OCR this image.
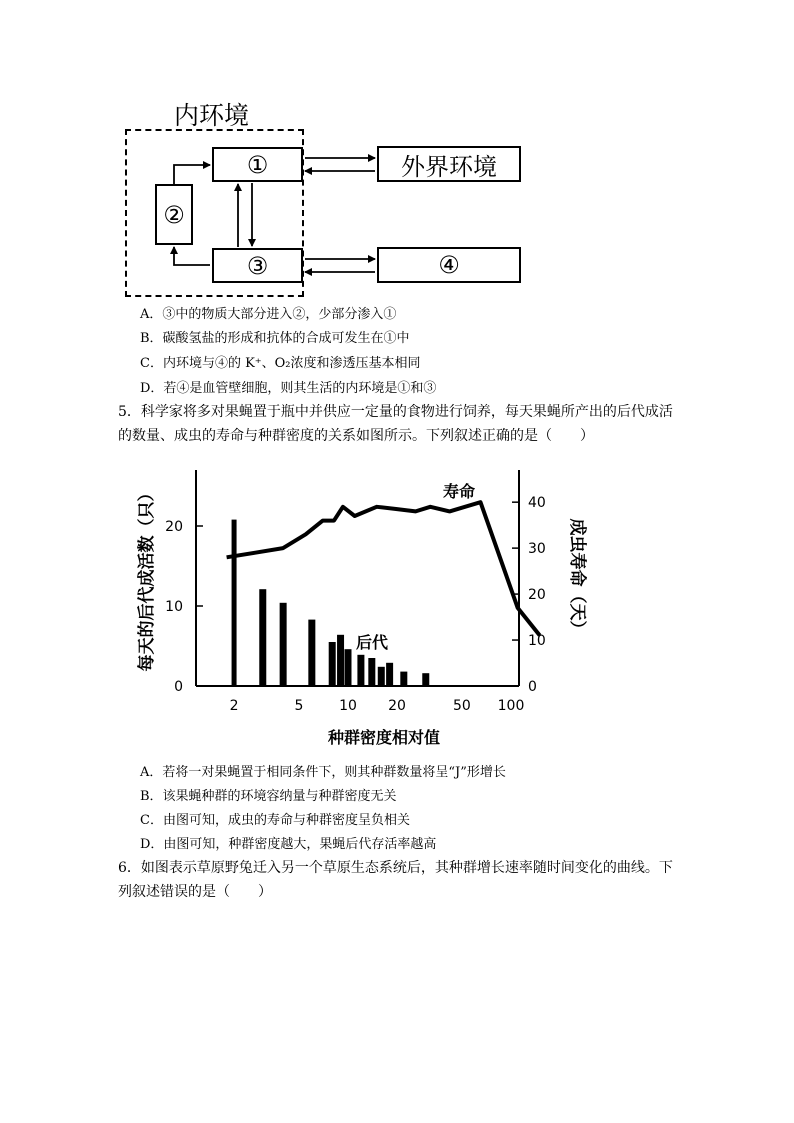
内环境
①
②
③
外界环境
④
A．③中的物质大部分进入②，少部分渗入①
B．碳酸氢盐的形成和抗体的合成可发生在①中
C．内环境与④的 K⁺、O₂浓度和渗透压基本相同
D．若④是血管壁细胞，则其生活的内环境是①和③
5．科学家将多对果蝇置于瓶中并供应一定量的食物进行饲养，每天果蝇所产出的后代成活
的数量、成虫的寿命与种群密度的关系如图所示。下列叙述正确的是（　　）
0
10
20
0
10
20
30
40
2	5	10 20	50 100
种群密度相对值
每天的后代成活数（只）	成虫寿命（天）
寿命
后代
A．若将一对果蝇置于相同条件下，则其种群数量将呈“J”形增长
B．该果蝇种群的环境容纳量与种群密度无关
C．由图可知，成虫的寿命与种群密度呈负相关
D．由图可知，种群密度越大，果蝇后代存活率越高
6．如图表示草原野兔迁入另一个草原生态系统后，其种群增长速率随时间变化的曲线。下
列叙述错误的是（　　）
